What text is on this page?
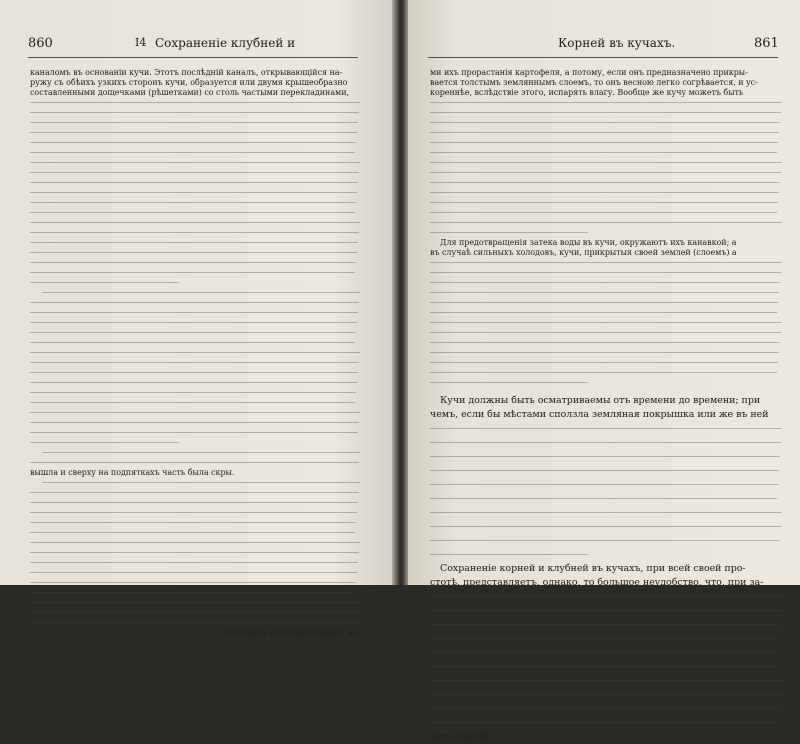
860	І4 Сохраненіе клубней и
каналомъ въ основаніи кучи. Этотъ послѣдній каналъ, открывающійся на-
ружу съ обѣихъ узкихъ сторонъ кучи, образуется или двумя крышеобразно
составленными дощечками (рѣшетками) со столь частыми перекладинами,
вышла и сверху на подпяткахъ часть была скры.
сибоданіе кучи производить на-
Корней въ кучахъ.	861
ми ихъ прорастанія картофеля, а потому, если онъ предназначено прикры-
вается толстымъ земляннымъ слоемъ, то онъ весною легко согрѣвается, и ус-
кореннѣе, вслѣдствіе этого, испарять влагу. Вообще же кучу можетъ быть
Для предотвращенія затека воды въ кучи, окружаютъ ихъ канавкой; а
въ случаѣ сильныхъ холодовъ, кучи, прикрытыя своей землей (слоемъ) а
Кучи должны быть осматриваемы отъ времени до времени; при
чемъ, если бы мѣстами сползла земляная покрышка или же въ ней
Сохраненіе корней и клубней въ кучахъ, при всей своей про-
стотѣ, представляетъ, однако, то большое неудобство, что, при за-
кихъ вѣяній.
